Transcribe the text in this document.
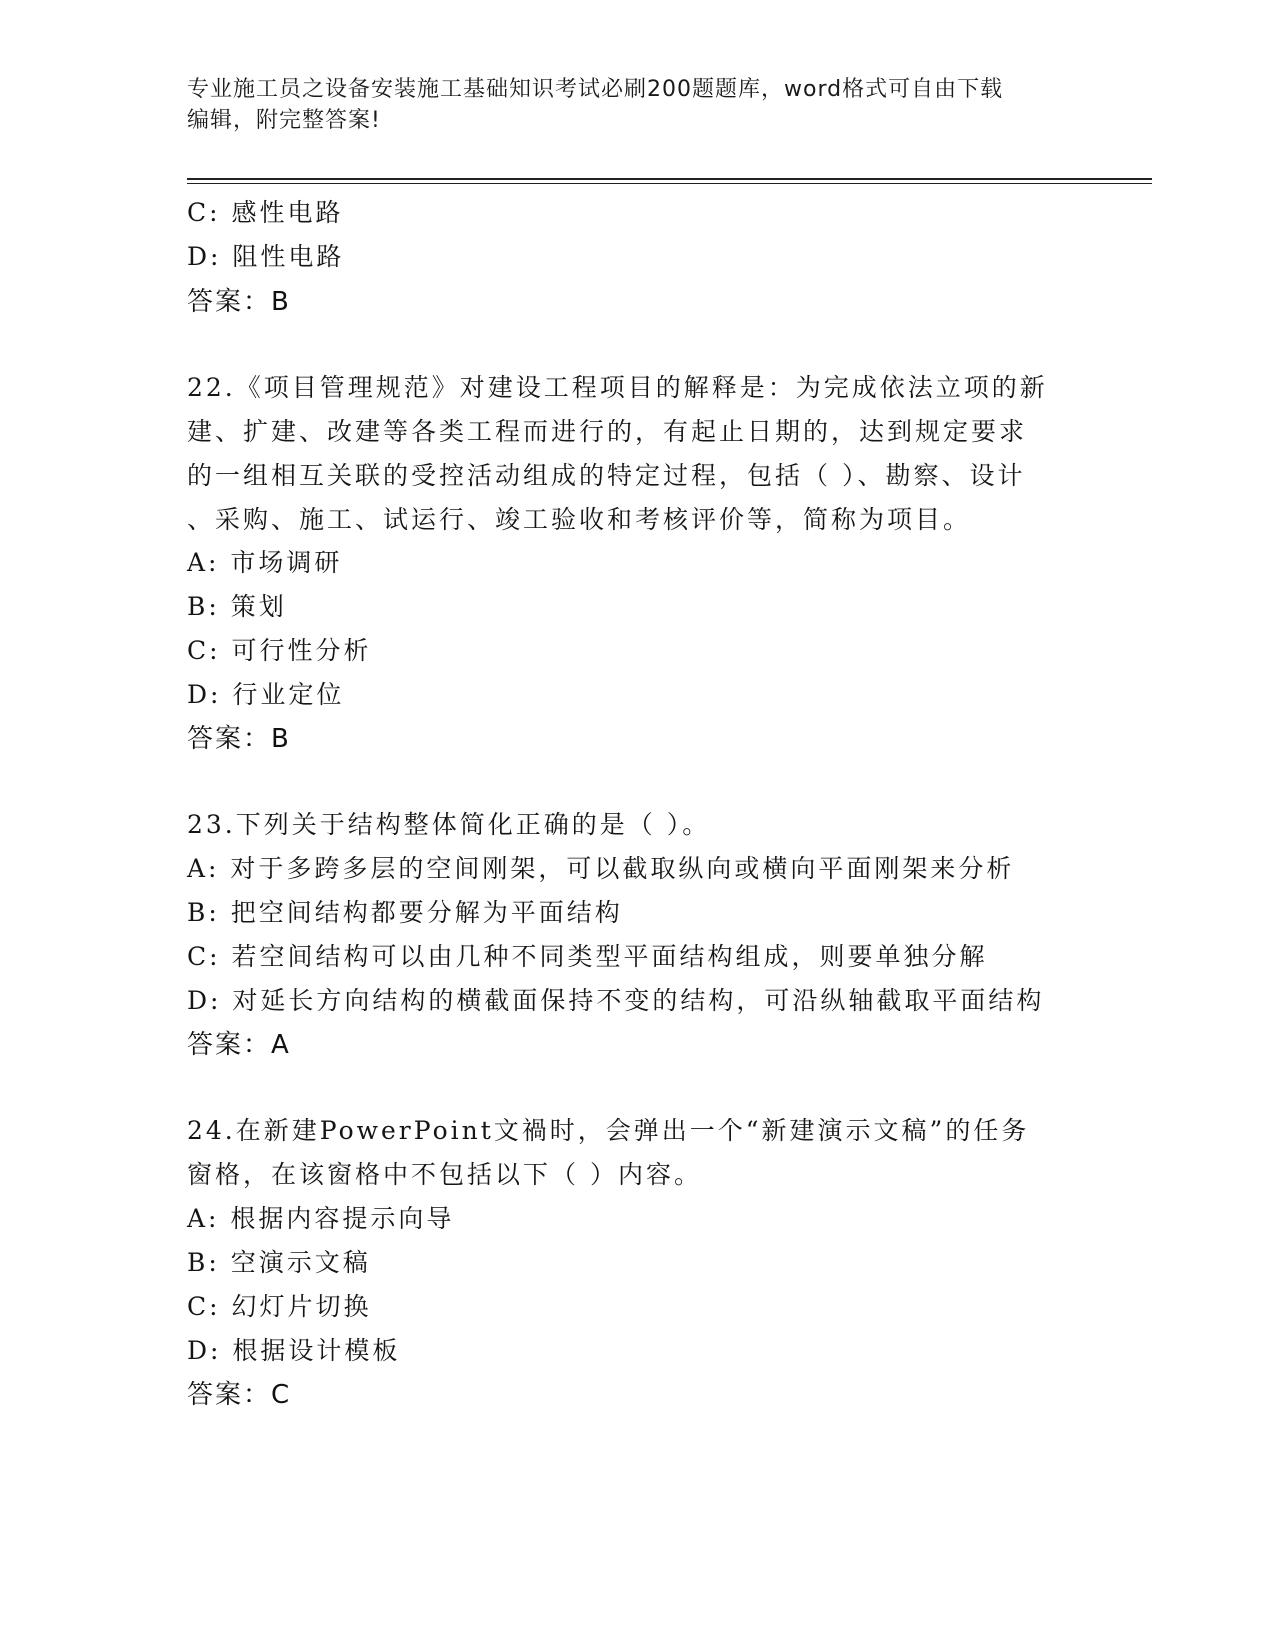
专业施工员之设备安装施工基础知识考试必刷200题题库，word格式可自由下载
编辑，附完整答案!
C: 感性电路
D: 阻性电路
答案：B
22.《项目管理规范》对建设工程项目的解释是：为完成依法立项的新
建、扩建、改建等各类工程而进行的，有起止日期的，达到规定要求
的一组相互关联的受控活动组成的特定过程，包括（ ）、勘察、设计
、采购、施工、试运行、竣工验收和考核评价等，简称为项目。
A: 市场调研
B: 策划
C: 可行性分析
D: 行业定位
答案：B
23.下列关于结构整体简化正确的是（ ）。
A: 对于多跨多层的空间刚架，可以截取纵向或横向平面刚架来分析
B: 把空间结构都要分解为平面结构
C: 若空间结构可以由几种不同类型平面结构组成，则要单独分解
D: 对延长方向结构的横截面保持不变的结构，可沿纵轴截取平面结构
答案：A
24.在新建PowerPoint文禍时，会弹出一个“新建演示文稿”的任务
窗格，在该窗格中不包括以下（ ）内容。
A: 根据内容提示向导
B: 空演示文稿
C: 幻灯片切换
D: 根据设计模板
答案：C
